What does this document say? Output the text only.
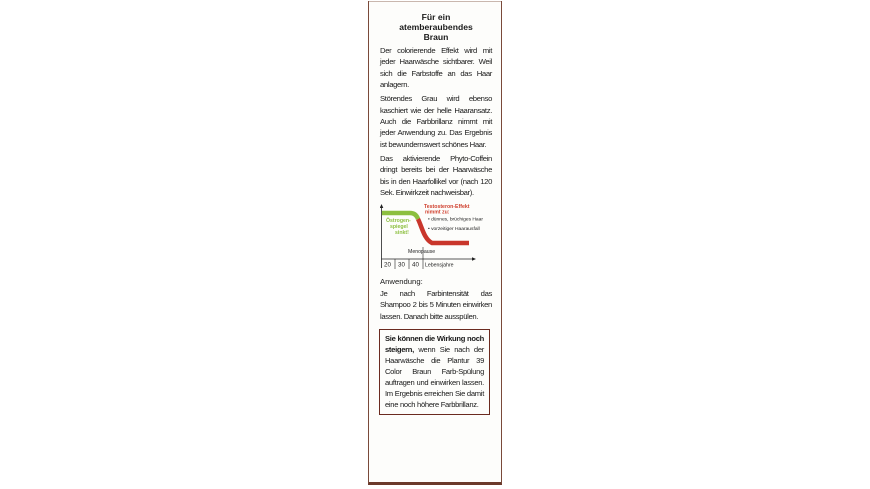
Für ein
atemberaubendes
Braun

Der colorierende Effekt wird mit jeder Haarwäsche sichtbarer. Weil sich die Farbstoffe an das Haar anlagern.

Störendes Grau wird ebenso kaschiert wie der helle Haaransatz. Auch die Farbbrillanz nimmt mit jeder Anwendung zu. Das Ergebnis ist bewundernswert schönes Haar.

Das aktivierende Phyto-Coffein dringt bereits bei der Haarwäsche bis in den Haarfollikel vor (nach 120 Sek. Einwirkzeit nachweisbar).

Östrogen-
spiegel
sinkt!
Testosteron-Effekt
nimmt zu:
• dünnes, brüchiges Haar
• vorzeitiger Haarausfall
Menopause
20 30 40 Lebensjahre
Anwendung:

Je nach Farbintensität das Shampoo 2 bis 5 Minuten einwirken lassen. Danach bitte ausspülen.

Sie können die Wirkung noch steigern, wenn Sie nach der Haarwäsche die Plantur 39 Color Braun Farb-Spülung auftragen und einwirken lassen. Im Ergebnis erreichen Sie damit eine noch höhere Farbbrillanz.
